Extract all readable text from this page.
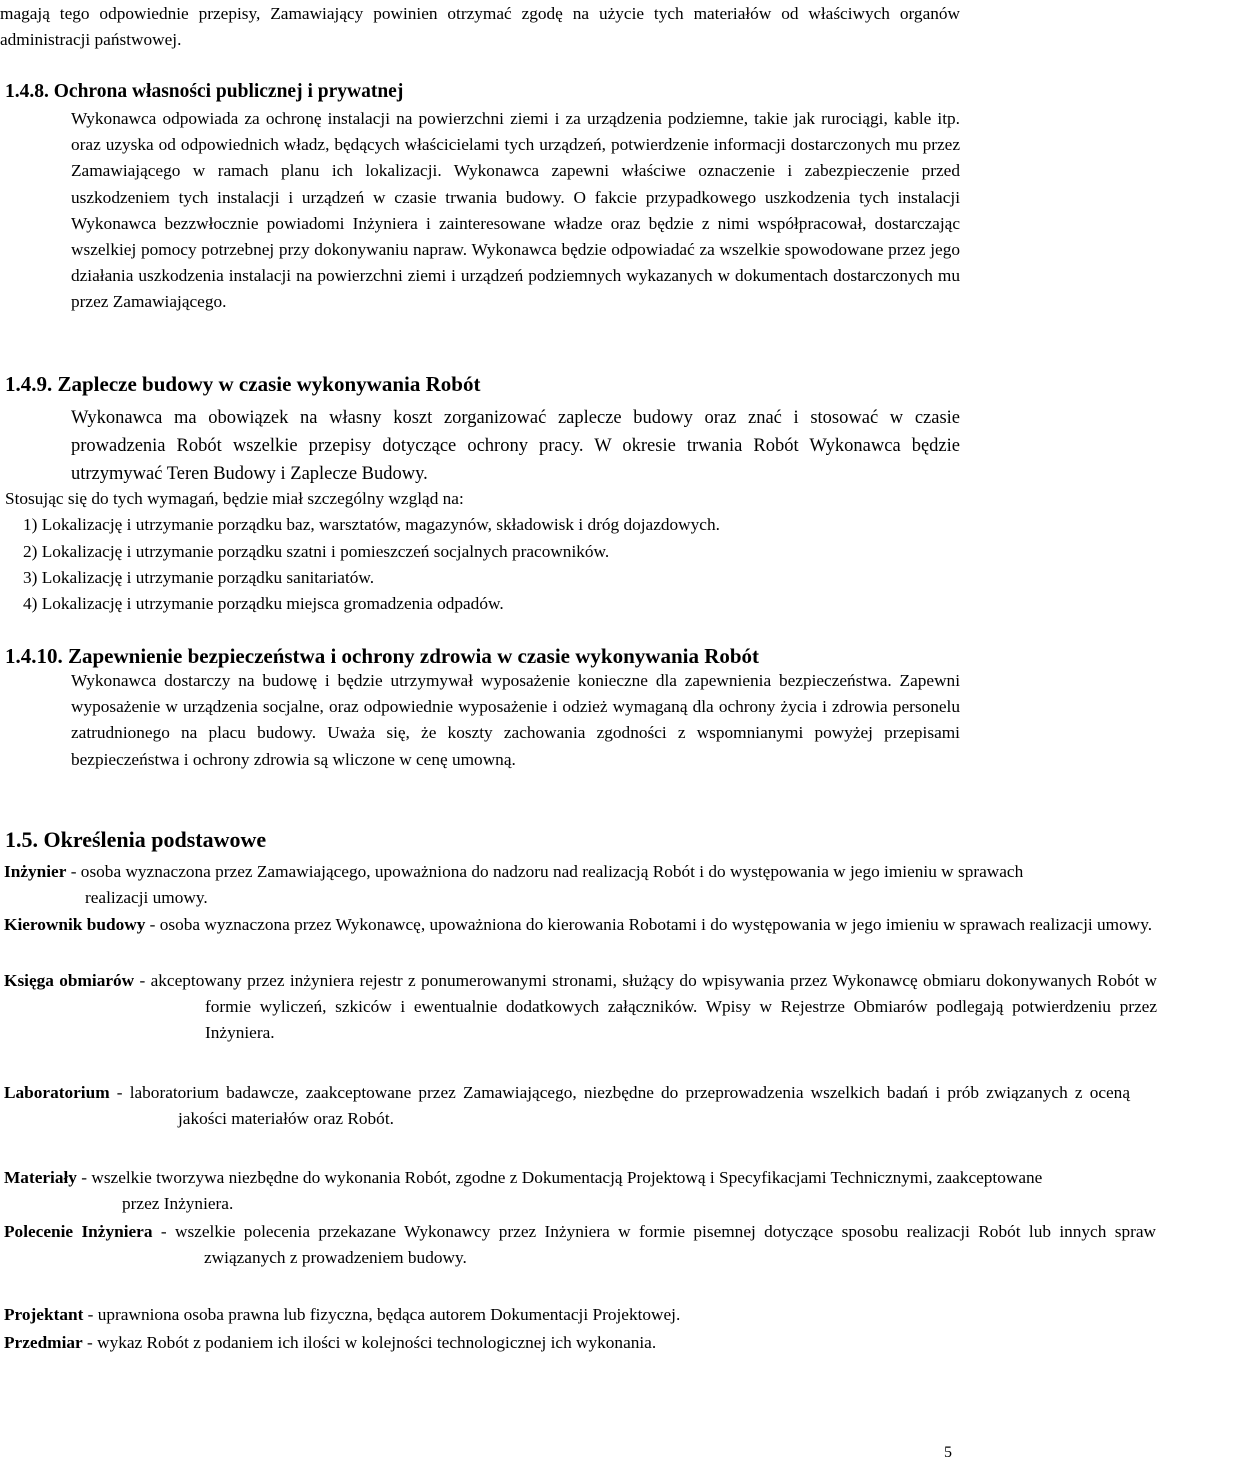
magają tego odpowiednie przepisy, Zamawiający powinien otrzymać zgodę na użycie tych materiałów od właściwych organów administracji państwowej.
1.4.8. Ochrona własności publicznej i prywatnej
Wykonawca odpowiada za ochronę instalacji na powierzchni ziemi i za urządzenia podziemne, takie jak rurociągi, kable itp. oraz uzyska od odpowiednich władz, będących właścicielami tych urządzeń, potwierdzenie informacji dostarczonych mu przez Zamawiającego w ramach planu ich lokalizacji. Wykonawca zapewni właściwe oznaczenie i zabezpieczenie przed uszkodzeniem tych instalacji i urządzeń w czasie trwania budowy. O fakcie przypadkowego uszkodzenia tych instalacji Wykonawca bezzwłocznie powiadomi Inżyniera i zainteresowane władze oraz będzie z nimi współpracował, dostarczając wszelkiej pomocy potrzebnej przy dokonywaniu napraw. Wykonawca będzie odpowiadać za wszelkie spowodowane przez jego działania uszkodzenia instalacji na powierzchni ziemi i urządzeń podziemnych wykazanych w dokumentach dostarczonych mu przez Zamawiającego.
1.4.9. Zaplecze budowy w czasie wykonywania Robót
Wykonawca ma obowiązek na własny koszt zorganizować zaplecze budowy oraz znać i stosować w czasie prowadzenia Robót wszelkie przepisy dotyczące ochrony pracy. W okresie trwania Robót Wykonawca będzie utrzymywać Teren Budowy i Zaplecze Budowy.
Stosując się do tych wymagań, będzie miał szczególny wzgląd na:
1) Lokalizację i utrzymanie porządku baz, warsztatów, magazynów, składowisk i dróg dojazdowych.
2) Lokalizację i utrzymanie porządku szatni i pomieszczeń socjalnych pracowników.
3) Lokalizację i utrzymanie porządku sanitariatów.
4) Lokalizację i utrzymanie porządku miejsca gromadzenia odpadów.
1.4.10. Zapewnienie bezpieczeństwa i ochrony zdrowia w czasie wykonywania Robót
Wykonawca dostarczy na budowę i będzie utrzymywał wyposażenie konieczne dla zapewnienia bezpieczeństwa. Zapewni wyposażenie w urządzenia socjalne, oraz odpowiednie wyposażenie i odzież wymaganą dla ochrony życia i zdrowia personelu zatrudnionego na placu budowy. Uważa się, że koszty zachowania zgodności z wspomnianymi powyżej przepisami bezpieczeństwa i ochrony zdrowia są wliczone w cenę umowną.
1.5. Określenia podstawowe
Inżynier - osoba wyznaczona przez Zamawiającego, upoważniona do nadzoru nad realizacją Robót i do występowania w jego imieniu w sprawach realizacji umowy.
Kierownik budowy - osoba wyznaczona przez Wykonawcę, upoważniona do kierowania Robotami i do występowania w jego imieniu w sprawach realizacji umowy.
Księga obmiarów - akceptowany przez inżyniera rejestr z ponumerowanymi stronami, służący do wpisywania przez Wykonawcę obmiaru dokonywanych Robót w formie wyliczeń, szkiców i ewentualnie dodatkowych załączników. Wpisy w Rejestrze Obmiarów podlegają potwierdzeniu przez Inżyniera.
Laboratorium - laboratorium badawcze, zaakceptowane przez Zamawiającego, niezbędne do przeprowadzenia wszelkich badań i prób związanych z oceną jakości materiałów oraz Robót.
Materiały - wszelkie tworzywa niezbędne do wykonania Robót, zgodne z Dokumentacją Projektową i Specyfikacjami Technicznymi, zaakceptowane przez Inżyniera.
Polecenie Inżyniera - wszelkie polecenia przekazane Wykonawcy przez Inżyniera w formie pisemnej dotyczące sposobu realizacji Robót lub innych spraw związanych z prowadzeniem budowy.
Projektant - uprawniona osoba prawna lub fizyczna, będąca autorem Dokumentacji Projektowej.
Przedmiar - wykaz Robót z podaniem ich ilości w kolejności technologicznej ich wykonania.
5
